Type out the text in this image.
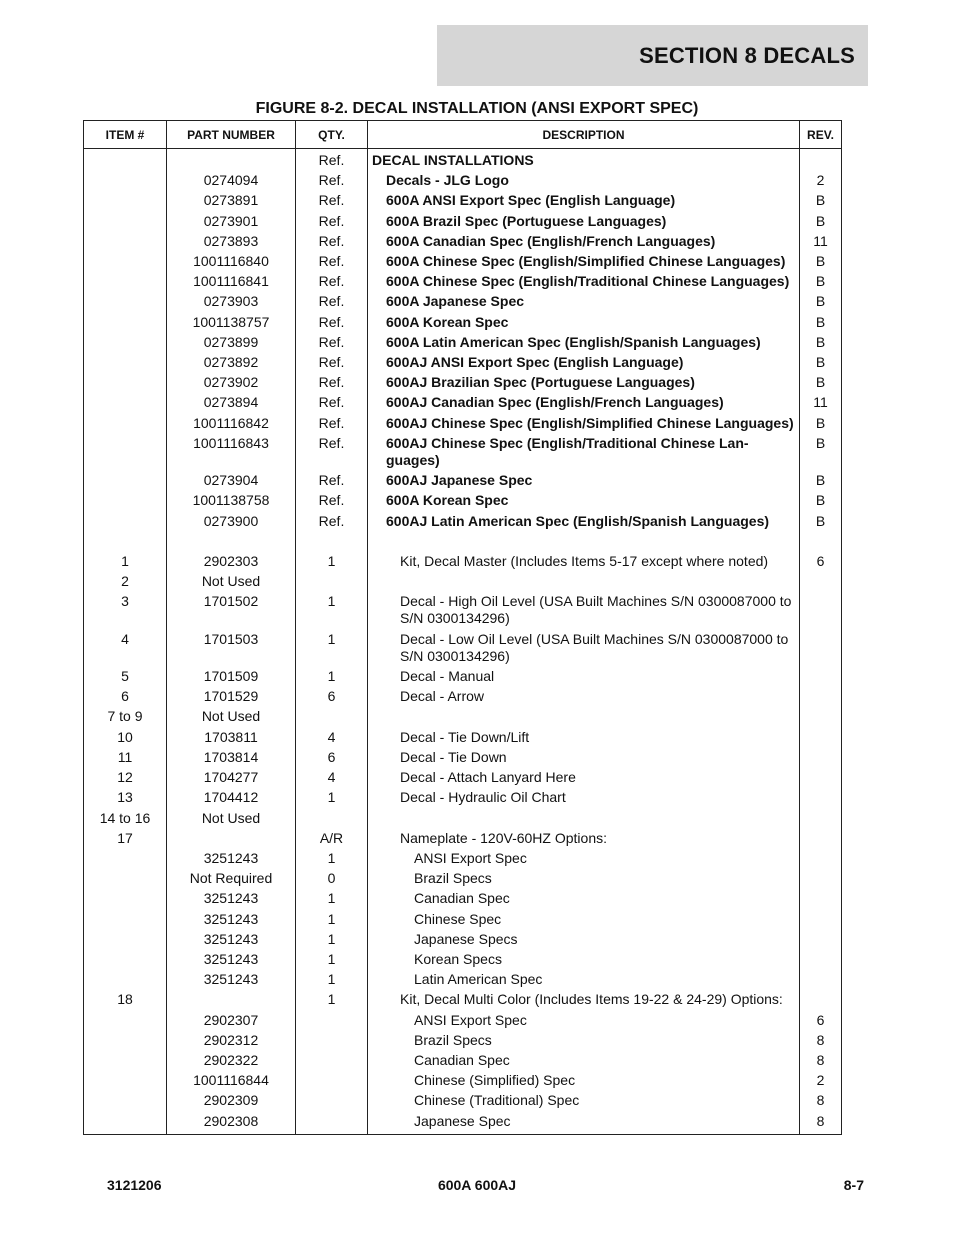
SECTION 8 DECALS
FIGURE 8-2. DECAL INSTALLATION (ANSI EXPORT SPEC)
ITEM #	PART NUMBER	QTY.	DESCRIPTION	REV.
		Ref.	DECAL INSTALLATIONS	

	0274094	Ref.	Decals - JLG Logo	2
	0273891	Ref.	600A ANSI Export Spec (English Language)	B
	0273901	Ref.	600A Brazil Spec (Portuguese Languages)	B
	0273893	Ref.	600A Canadian Spec (English/French Languages)	11
	1001116840	Ref.	600A Chinese Spec (English/Simplified Chinese Languages)	B
	1001116841	Ref.	600A Chinese Spec (English/Traditional Chinese Languages)	B
	0273903	Ref.	600A Japanese Spec	B
	1001138757	Ref.	600A Korean Spec	B
	0273899	Ref.	600A Latin American Spec (English/Spanish Languages)	B
	0273892	Ref.	600AJ ANSI Export Spec (English Language)	B
	0273902	Ref.	600AJ Brazilian Spec (Portuguese Languages)	B
	0273894	Ref.	600AJ Canadian Spec (English/French Languages)	11
	1001116842	Ref.	600AJ Chinese Spec (English/Simplified Chinese Languages)	B
	1001116843	Ref.	600AJ Chinese Spec (English/Traditional Chinese Lan-guages)	B
	0273904	Ref.	600AJ Japanese Spec	B
	1001138758	Ref.	600A Korean Spec	B
	0273900	Ref.	600AJ Latin American Spec (English/Spanish Languages)	B

1	2902303	1	Kit, Decal Master (Includes Items 5-17 except where noted)	6
2	Not Used		

3	1701502	1	Decal - High Oil Level (USA Built Machines S/N 0300087000 to S/N 0300134296)	

4	1701503	1	Decal - Low Oil Level (USA Built Machines S/N 0300087000 to S/N 0300134296)	

5	1701509	1	Decal - Manual	

6	1701529	6	Decal - Arrow	

7 to 9	Not Used		

10	1703811	4	Decal - Tie Down/Lift	

11	1703814	6	Decal - Tie Down	

12	1704277	4	Decal - Attach Lanyard Here	

13	1704412	1	Decal - Hydraulic Oil Chart	

14 to 16	Not Used		

17		A/R	Nameplate - 120V-60HZ Options:	

	3251243	1	ANSI Export Spec	

	Not Required	0	Brazil Specs	

	3251243	1	Canadian Spec	

	3251243	1	Chinese Spec	

	3251243	1	Japanese Specs	

	3251243	1	Korean Specs	

	3251243	1	Latin American Spec	

18		1	Kit, Decal Multi Color (Includes Items 19-22 & 24-29) Options:	

	2902307		ANSI Export Spec	6
	2902312		Brazil Specs	8
	2902322		Canadian Spec	8
	1001116844		Chinese (Simplified) Spec	2
	2902309		Chinese (Traditional) Spec	8
	2902308		Japanese Spec	8
3121206	600A 600AJ	8-7
